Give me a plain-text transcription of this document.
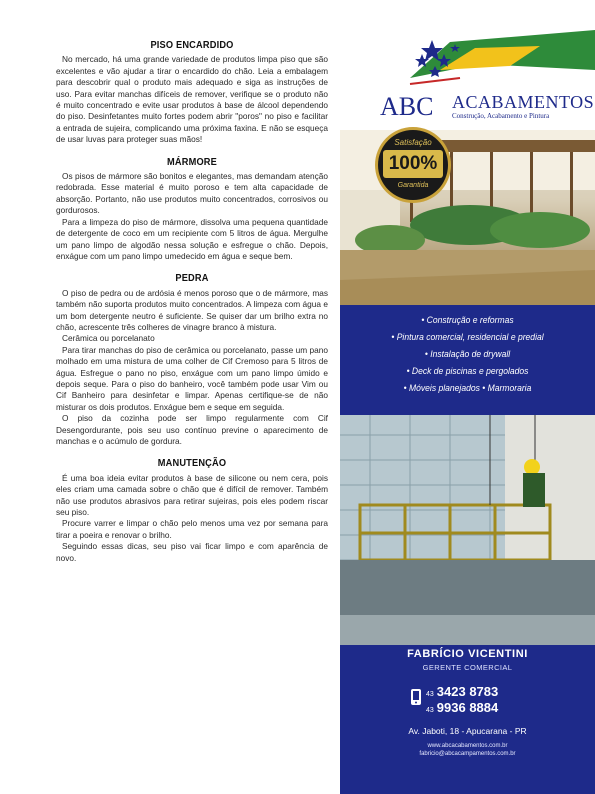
PISO ENCARDIDO

No mercado, há uma grande variedade de produtos limpa piso que são excelentes e vão ajudar a tirar o encardido do chão. Leia a embalagem para descobrir qual o produto mais adequado e siga as instruções de uso. Para evitar manchas difíceis de remover, verifique se o produto não é muito concentrado e evite usar produtos à base de álcool dependendo do piso. Desinfetantes muito fortes podem abrir "poros" no piso e facilitar a entrada de sujeira, complicando uma próxima faxina. E não se esqueça de usar luvas para proteger suas mãos!

MÁRMORE

Os pisos de mármore são bonitos e elegantes, mas demandam atenção redobrada. Esse material é muito poroso e tem alta capacidade de absorção. Portanto, não use produtos muito concentrados, corrosivos ou gordurosos.

Para a limpeza do piso de mármore, dissolva uma pequena quantidade de detergente de coco em um recipiente com 5 litros de água. Mergulhe um pano limpo de algodão nessa solução e esfregue o chão. Depois, enxágue com um pano limpo umedecido em água e seque bem.

PEDRA

O piso de pedra ou de ardósia é menos poroso que o de mármore, mas também não suporta produtos muito concentrados. A limpeza com água e um bom detergente neutro é suficiente. Se quiser dar um brilho extra no chão, acrescente três colheres de vinagre branco à mistura.

Cerâmica ou porcelanato

Para tirar manchas do piso de cerâmica ou porcelanato, passe um pano molhado em uma mistura de uma colher de Cif Cremoso para 5 litros de água. Esfregue o pano no piso, enxágue com um pano limpo úmido e depois seque. Para o piso do banheiro, você também pode usar Vim ou Cif Banheiro para desinfetar e limpar. Apenas certifique-se de não misturar os dois produtos. Enxágue bem e seque em seguida.

O piso da cozinha pode ser limpo regularmente com Cif Desengordurante, pois seu uso contínuo previne o aparecimento de manchas e o acúmulo de gordura.

MANUTENÇÃO

É uma boa ideia evitar produtos à base de silicone ou nem cera, pois eles criam uma camada sobre o chão que é difícil de remover. Também não use produtos abrasivos para retirar sujeiras, pois eles podem riscar seu piso.

Procure varrer e limpar o chão pelo menos uma vez por semana para tirar a poeira e renovar o brilho.

Seguindo essas dicas, seu piso vai ficar limpo e com aparência de novo.

ABC ACABAMENTOS
Construção, Acabamento e Pintura
Satisfação
100%
Garantida
• Construção e reformas
• Pintura comercial, residencial e predial
• Instalação de drywall
• Deck de piscinas e pergolados
• Móveis planejados • Marmoraria
FABRÍCIO VICENTINI
GERENTE COMERCIAL
43 3423 8783
43 9936 8884
Av. Jaboti, 18 - Apucarana - PR
www.abcacabamentos.com.br
fabricio@abcacampamentos.com.br
